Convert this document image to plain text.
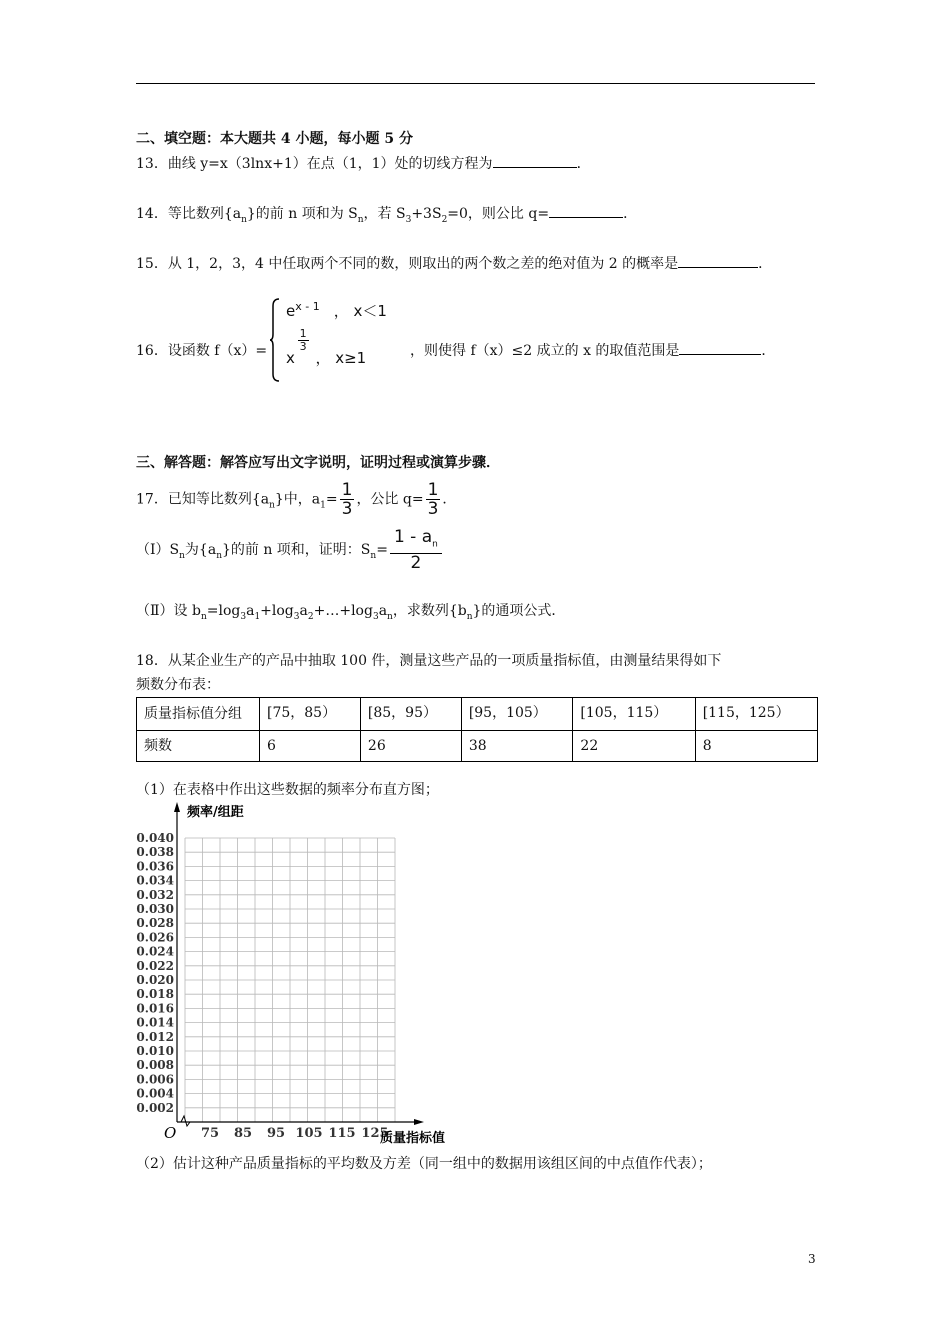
二、填空题：本大题共 4 小题，每小题 5 分
13．曲线 y=x（3lnx+1）在点（1，1）处的切线方程为	．
14．等比数列$\{a_n\}$的前 n 项和为 $S_n$，若 $S_3+3S_2=0$，则公比 q=	．
15．从 1，2，3，4 中任取两个不同的数，则取出的两个数之差的绝对值为 2 的概率是	．
16．设函数 f（x）=
$e^{x - 1}$ ， x＜1
x
$\frac{1}{3}$
， x≥1	，则使得 f（x）≤2 成立的 x 的取值范围是	．
三、解答题：解答应写出文字说明，证明过程或演算步骤．
17．已知等比数列$\{a_n\}$中，$a_1= \frac{1}{3}$ ，公比 $q= \frac{1}{3}$ ．
$(Ⅰ)S_n$为$\{a_n\}$的前 n 项和，证明：$S_n= \frac{1 - a_n}{2}$
（Ⅱ）设 $b_n=\log_3a_1+\log_3a_2+\dots+\log_3a_n$，求数列$\{b_n\}$的通项公式．
18．从某企业生产的产品中抽取 100 件，测量这些产品的一项质量指标值，由测量结果得如下
频数分布表：
质量指标值分组	[75，85）	[85，95）	[95，105）	[105，115）	[115，125）
频数	6	26	38	22	8
（1）在表格中作出这些数据的频率分布直方图；
0.040
0.038
0.036
0.034
0.032
0.030
0.028
0.026
0.024
0.022
0.020
0.018
0.016
0.014
0.012
0.010
0.008
0.006
0.004
0.002
75 85 95 105 115 125
频率/组距
质量指标值
O
（2）估计这种产品质量指标的平均数及方差（同一组中的数据用该组区间的中点值作代表）；
3
